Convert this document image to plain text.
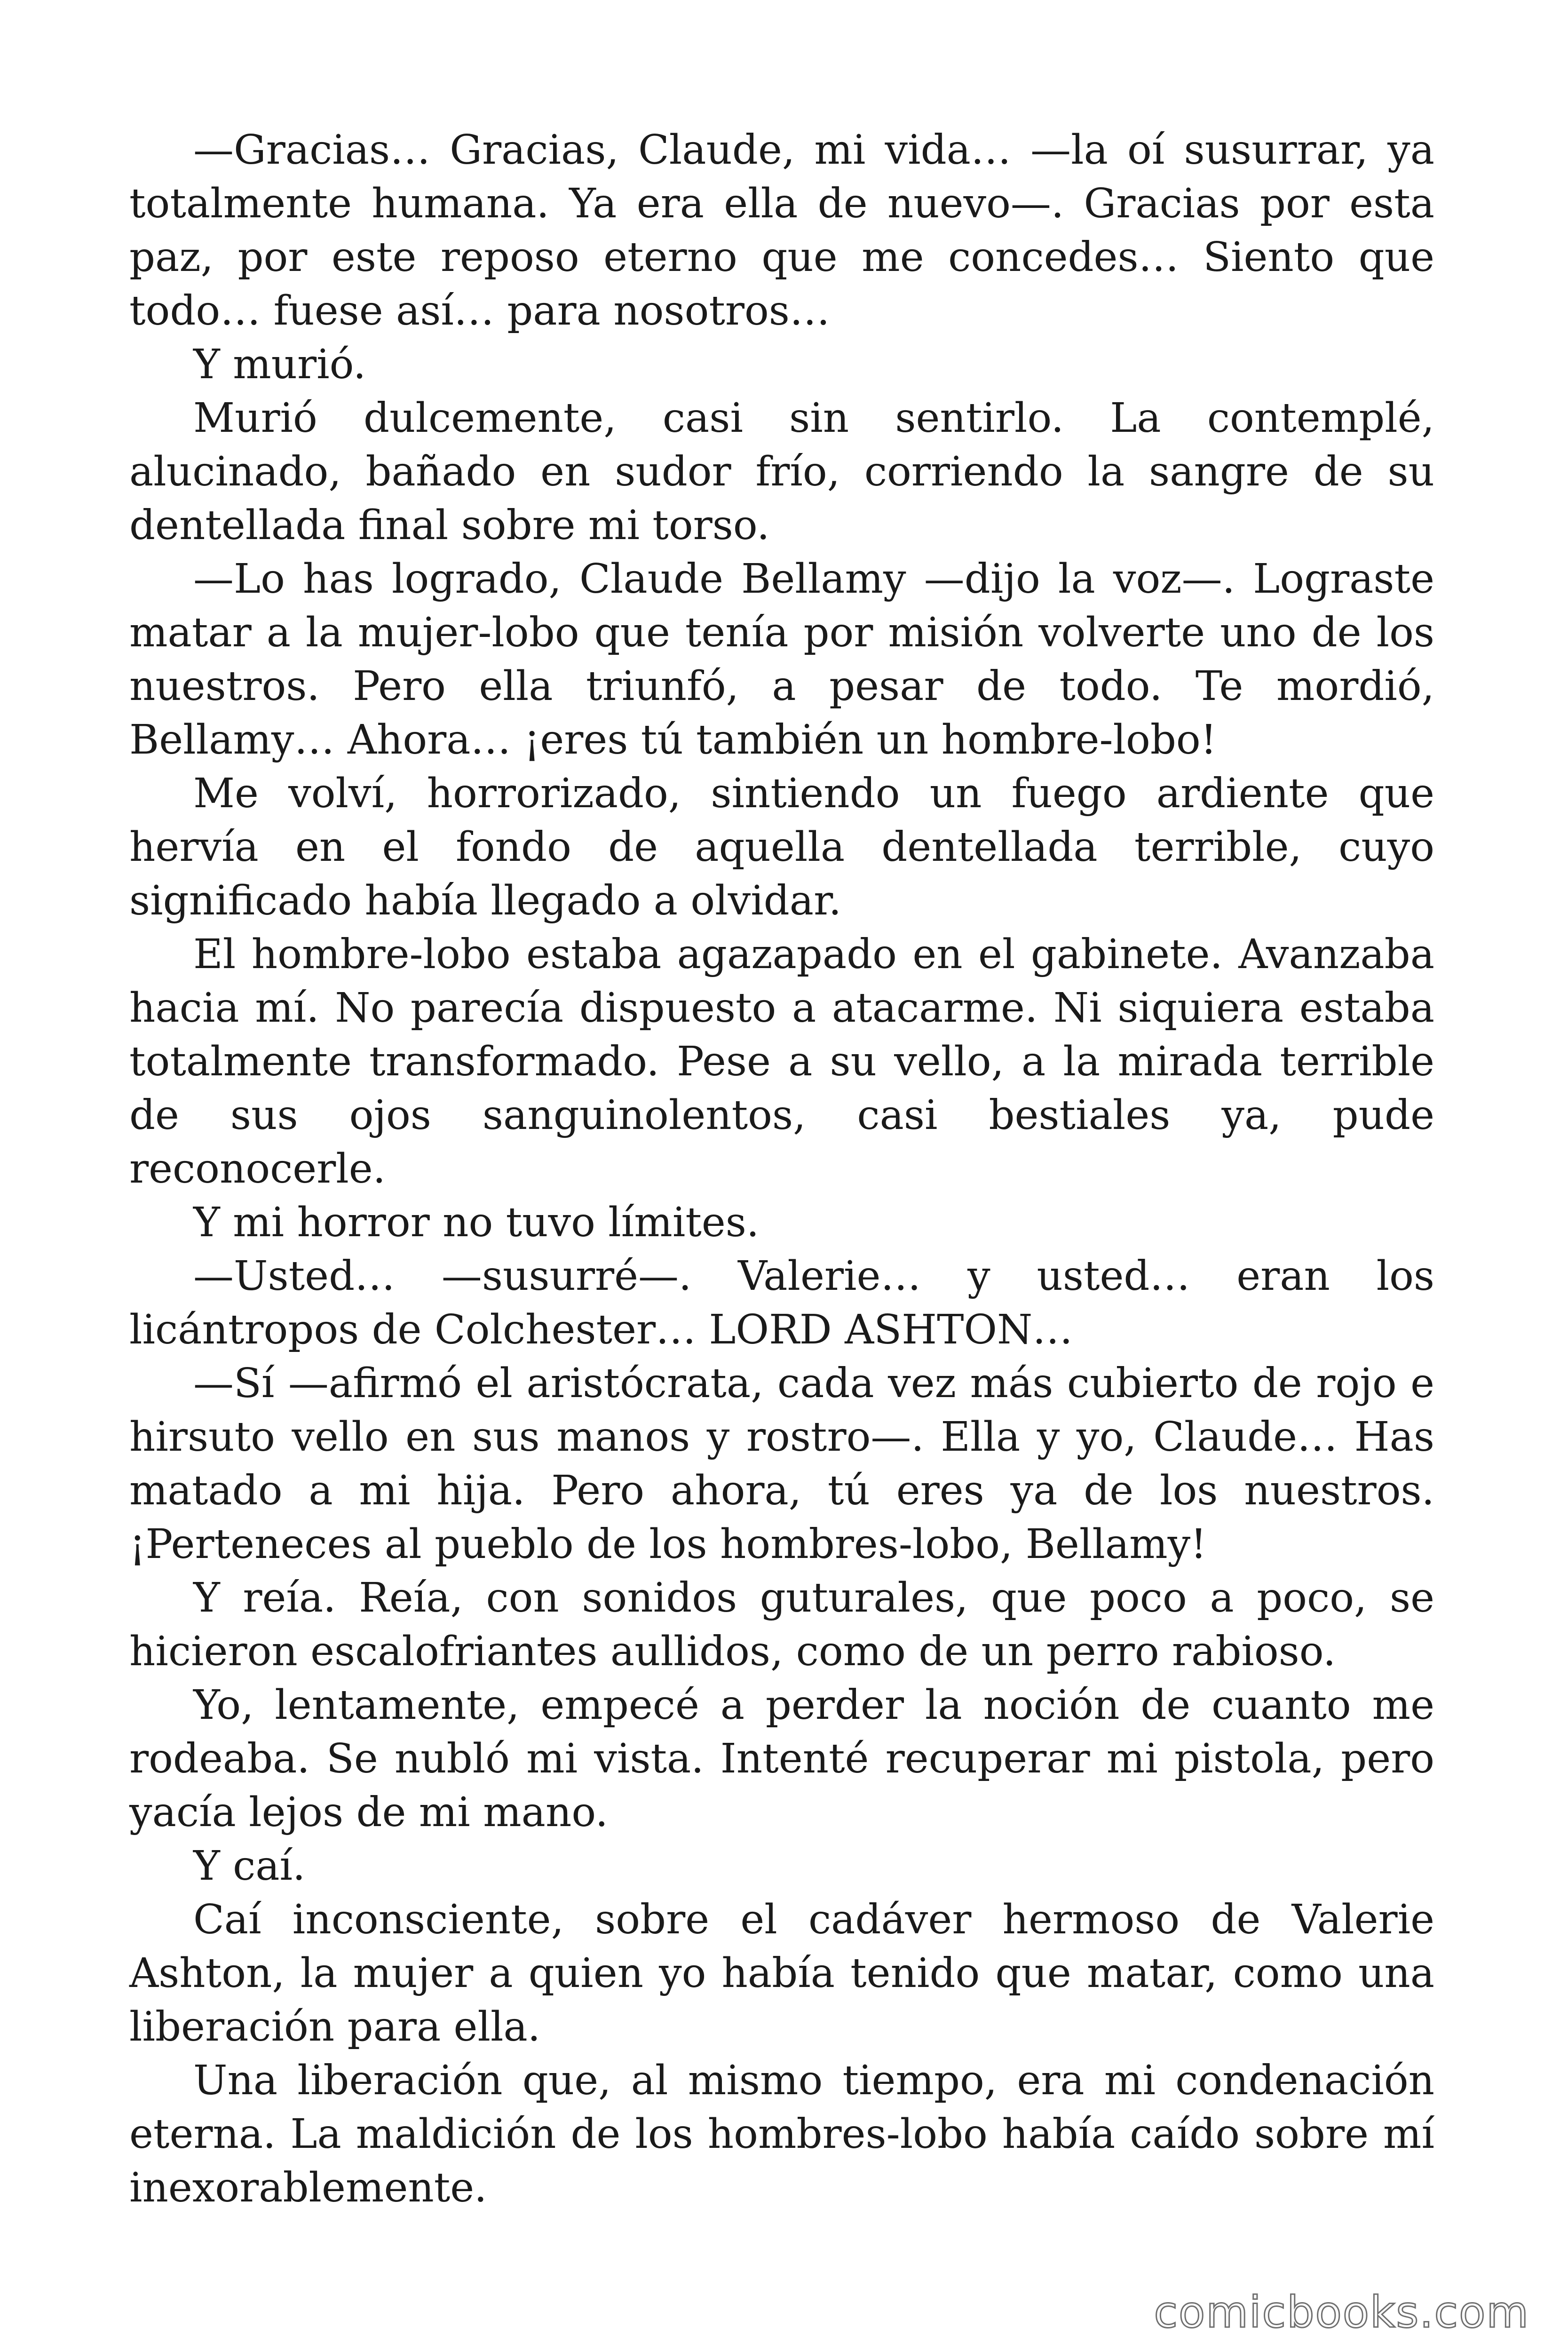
—Gracias… Gracias, Claude, mi vida… —la oí susurrar, ya totalmente humana. Ya era ella de nuevo—. Gracias por esta paz, por este reposo eterno que me concedes… Siento que todo… fuese así… para nosotros…

Y murió.

Murió dulcemente, casi sin sentirlo. La contemplé, alucinado, bañado en sudor frío, corriendo la sangre de su dentellada final sobre mi torso.

—Lo has logrado, Claude Bellamy —dijo la voz—. Lograste matar a la mujer-lobo que tenía por misión volverte uno de los nuestros. Pero ella triunfó, a pesar de todo. Te mordió, Bellamy… Ahora… ¡eres tú también un hombre-lobo!

Me volví, horrorizado, sintiendo un fuego ardiente que hervía en el fondo de aquella dentellada terrible, cuyo significado había llegado a olvidar.

El hombre-lobo estaba agazapado en el gabinete. Avanzaba hacia mí. No parecía dispuesto a atacarme. Ni siquiera estaba totalmente transformado. Pese a su vello, a la mirada terrible de sus ojos sanguinolentos, casi bestiales ya, pude reconocerle.

Y mi horror no tuvo límites.

—Usted… —susurré—. Valerie… y usted… eran los licántropos de Colchester… LORD ASHTON…

—Sí —afirmó el aristócrata, cada vez más cubierto de rojo e hirsuto vello en sus manos y rostro—. Ella y yo, Claude… Has matado a mi hija. Pero ahora, tú eres ya de los nuestros. ¡Perteneces al pueblo de los hombres-lobo, Bellamy!

Y reía. Reía, con sonidos guturales, que poco a poco, se hicieron escalofriantes aullidos, como de un perro rabioso.

Yo, lentamente, empecé a perder la noción de cuanto me rodeaba. Se nubló mi vista. Intenté recuperar mi pistola, pero yacía lejos de mi mano.

Y caí.

Caí inconsciente, sobre el cadáver hermoso de Valerie Ashton, la mujer a quien yo había tenido que matar, como una liberación para ella.

Una liberación que, al mismo tiempo, era mi condenación eterna. La maldición de los hombres-lobo había caído sobre mí inexorablemente.

comicbooks.com
